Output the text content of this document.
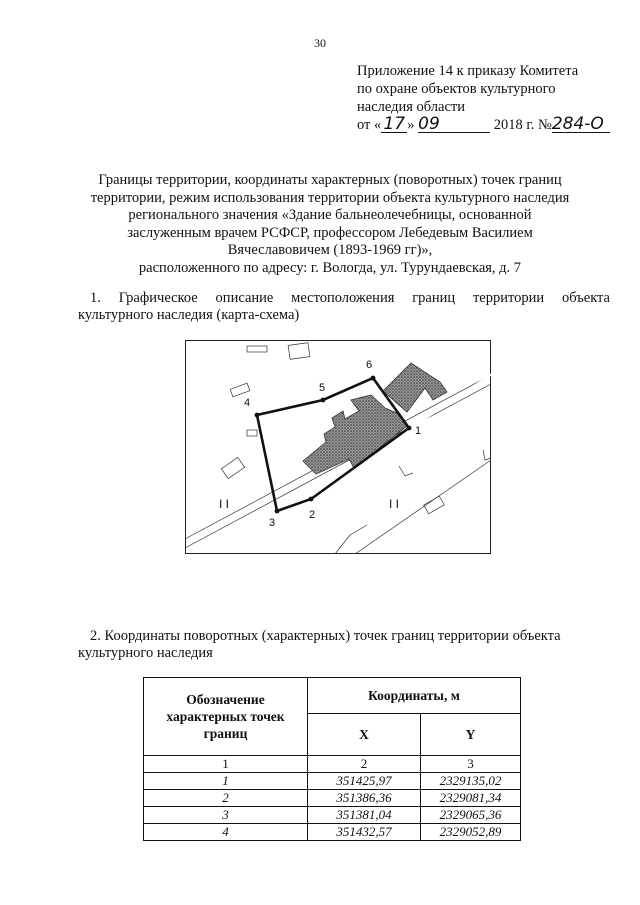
30
Приложение 14 к приказу Комитета
по охране объектов культурного
наследия области
от « 17 » 09	2018 г. №284-О
Границы территории, координаты характерных (поворотных) точек границ
территории, режим использования территории объекта культурного наследия
регионального значения «Здание бальнеолечебницы, основанной
заслуженным врачем РСФСР, профессором Лебедевым Василием
Вячеславовичем (1893-1969 гг)»,
расположенного по адресу: г. Вологда, ул. Турундаевская, д. 7
1. Графическое описание местоположения границ территории объекта
культурного наследия (карта-схема)
1
2
3
4
5
6
I I	I I
2. Координаты поворотных (характерных) точек границ территории объекта
культурного наследия
Обозначение характерных точек границ	Координаты, м	
	X	Y
1	2	3
1	351425,97	2329135,02
2	351386,36	2329081,34
3	351381,04	2329065,36
4	351432,57	2329052,89
